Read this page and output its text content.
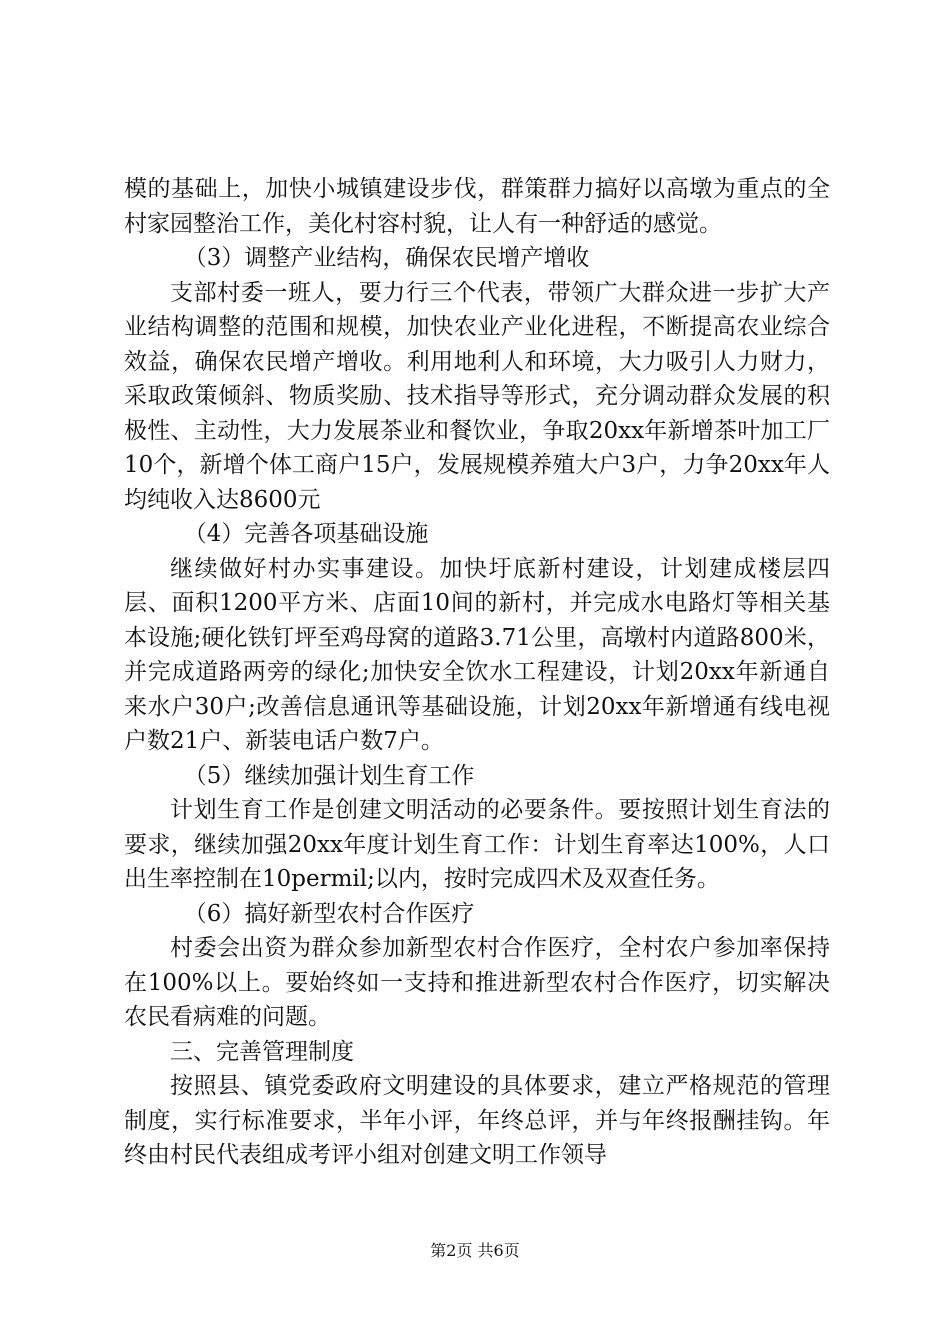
模的基础上，加快小城镇建设步伐，群策群力搞好以高墩为重点的全村家园整治工作，美化村容村貌，让人有一种舒适的感觉。

（3）调整产业结构，确保农民增产增收

支部村委一班人，要力行三个代表，带领广大群众进一步扩大产业结构调整的范围和规模，加快农业产业化进程，不断提高农业综合效益，确保农民增产增收。利用地利人和环境，大力吸引人力财力，采取政策倾斜、物质奖励、技术指导等形式，充分调动群众发展的积极性、主动性，大力发展茶业和餐饮业，争取20xx年新增茶叶加工厂10个，新增个体工商户15户，发展规模养殖大户3户，力争20xx年人均纯收入达8600元

（4）完善各项基础设施

继续做好村办实事建设。加快圩底新村建设，计划建成楼层四层、面积1200平方米、店面10间的新村，并完成水电路灯等相关基本设施;硬化铁钉坪至鸡母窝的道路3.71公里，高墩村内道路800米，并完成道路两旁的绿化;加快安全饮水工程建设，计划20xx年新通自来水户30户;改善信息通讯等基础设施，计划20xx年新增通有线电视户数21户、新装电话户数7户。

（5）继续加强计划生育工作

计划生育工作是创建文明活动的必要条件。要按照计划生育法的要求，继续加强20xx年度计划生育工作：计划生育率达100%，人口出生率控制在10permil;以内，按时完成四术及双查任务。

（6）搞好新型农村合作医疗

村委会出资为群众参加新型农村合作医疗，全村农户参加率保持在100%以上。要始终如一支持和推进新型农村合作医疗，切实解决农民看病难的问题。

三、完善管理制度

按照县、镇党委政府文明建设的具体要求，建立严格规范的管理制度，实行标准要求，半年小评，年终总评，并与年终报酬挂钩。年终由村民代表组成考评小组对创建文明工作领导

第2页 共6页
